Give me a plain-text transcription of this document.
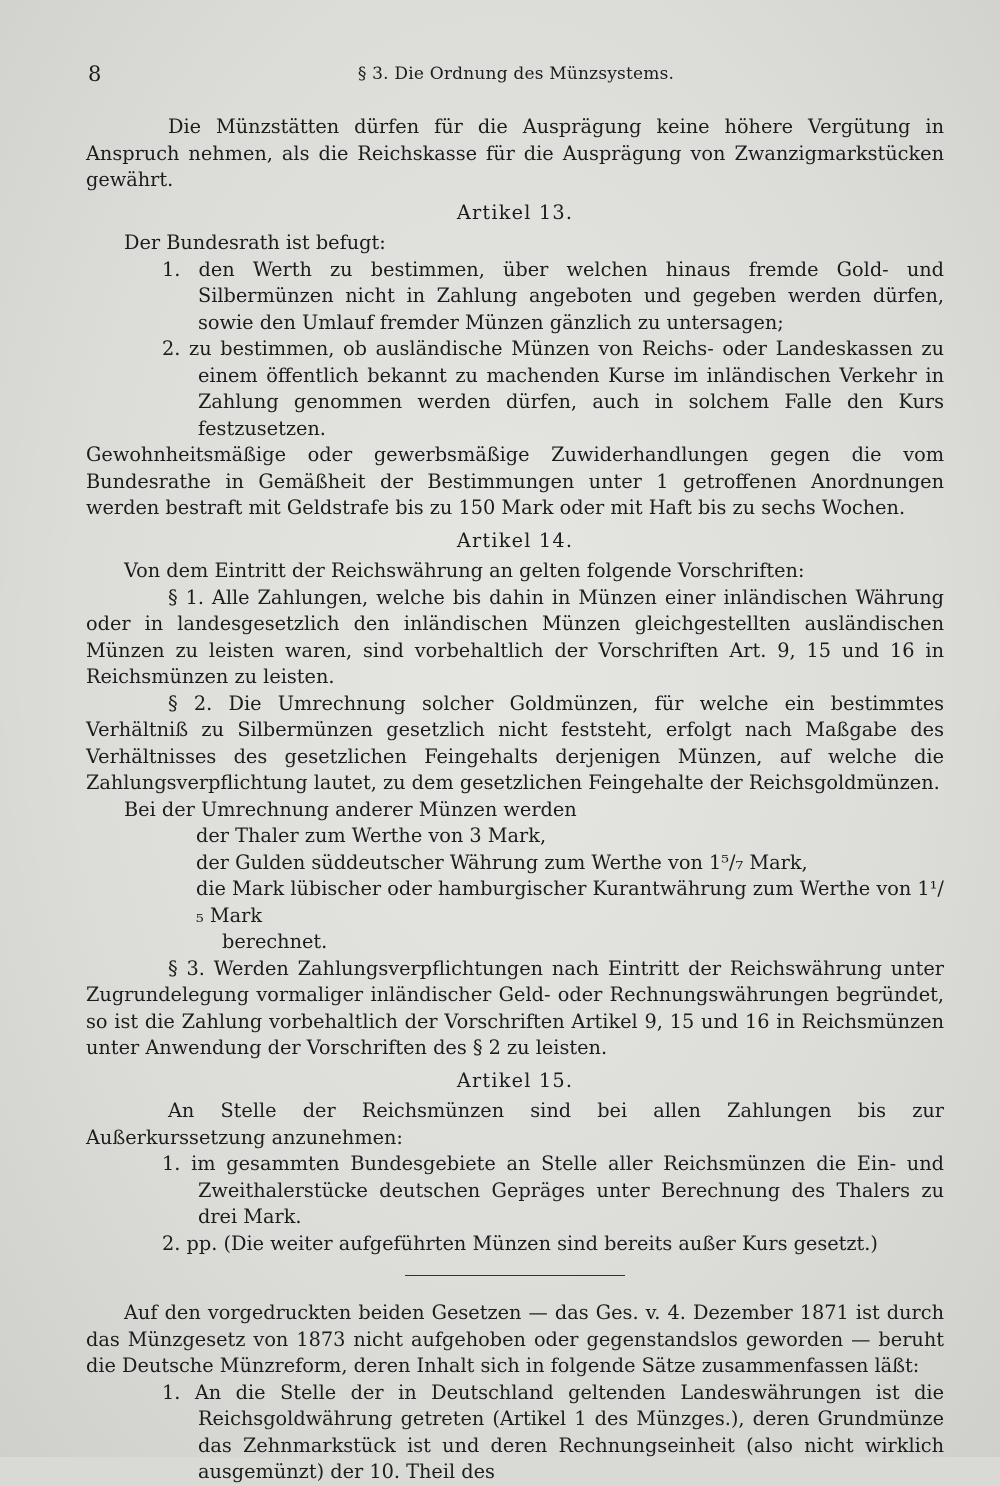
8	§ 3. Die Ordnung des Münzsystems.

Die Münzstätten dürfen für die Ausprägung keine höhere Vergütung in Anspruch nehmen, als die Reichskasse für die Ausprägung von Zwanzigmarkstücken gewährt.

Artikel 13.

Der Bundesrath ist befugt:

1. den Werth zu bestimmen, über welchen hinaus fremde Gold- und Silbermünzen nicht in Zahlung angeboten und gegeben werden dürfen, sowie den Umlauf fremder Münzen gänzlich zu untersagen;

2. zu bestimmen, ob ausländische Münzen von Reichs- oder Landeskassen zu einem öffentlich bekannt zu machenden Kurse im inländischen Verkehr in Zahlung genommen werden dürfen, auch in solchem Falle den Kurs festzusetzen.

Gewohnheitsmäßige oder gewerbsmäßige Zuwiderhandlungen gegen die vom Bundesrathe in Gemäßheit der Bestimmungen unter 1 getroffenen Anordnungen werden bestraft mit Geldstrafe bis zu 150 Mark oder mit Haft bis zu sechs Wochen.

Artikel 14.

Von dem Eintritt der Reichswährung an gelten folgende Vorschriften:

§ 1. Alle Zahlungen, welche bis dahin in Münzen einer inländischen Währung oder in landesgesetzlich den inländischen Münzen gleichgestellten ausländischen Münzen zu leisten waren, sind vorbehaltlich der Vorschriften Art. 9, 15 und 16 in Reichsmünzen zu leisten.

§ 2. Die Umrechnung solcher Goldmünzen, für welche ein bestimmtes Verhältniß zu Silbermünzen gesetzlich nicht feststeht, erfolgt nach Maßgabe des Verhältnisses des gesetzlichen Feingehalts derjenigen Münzen, auf welche die Zahlungsverpflichtung lautet, zu dem gesetzlichen Feingehalte der Reichsgoldmünzen.

Bei der Umrechnung anderer Münzen werden

der Thaler zum Werthe von 3 Mark,

der Gulden süddeutscher Währung zum Werthe von 1⁵/₇ Mark,

die Mark lübischer oder hamburgischer Kurantwährung zum Werthe von 1¹/₅ Mark

berechnet.

§ 3. Werden Zahlungsverpflichtungen nach Eintritt der Reichswährung unter Zugrundelegung vormaliger inländischer Geld- oder Rechnungswährungen begründet, so ist die Zahlung vorbehaltlich der Vorschriften Artikel 9, 15 und 16 in Reichsmünzen unter Anwendung der Vorschriften des § 2 zu leisten.

Artikel 15.

An Stelle der Reichsmünzen sind bei allen Zahlungen bis zur Außerkurssetzung anzunehmen:

1. im gesammten Bundesgebiete an Stelle aller Reichsmünzen die Ein- und Zweithalerstücke deutschen Gepräges unter Berechnung des Thalers zu drei Mark.

2. pp. (Die weiter aufgeführten Münzen sind bereits außer Kurs gesetzt.)

Auf den vorgedruckten beiden Gesetzen — das Ges. v. 4. Dezember 1871 ist durch das Münzgesetz von 1873 nicht aufgehoben oder gegenstandslos geworden — beruht die Deutsche Münzreform, deren Inhalt sich in folgende Sätze zusammenfassen läßt:

1. An die Stelle der in Deutschland geltenden Landeswährungen ist die Reichsgoldwährung getreten (Artikel 1 des Münzges.), deren Grundmünze das Zehnmarkstück ist und deren Rechnungseinheit (also nicht wirklich ausgemünzt) der 10. Theil des
